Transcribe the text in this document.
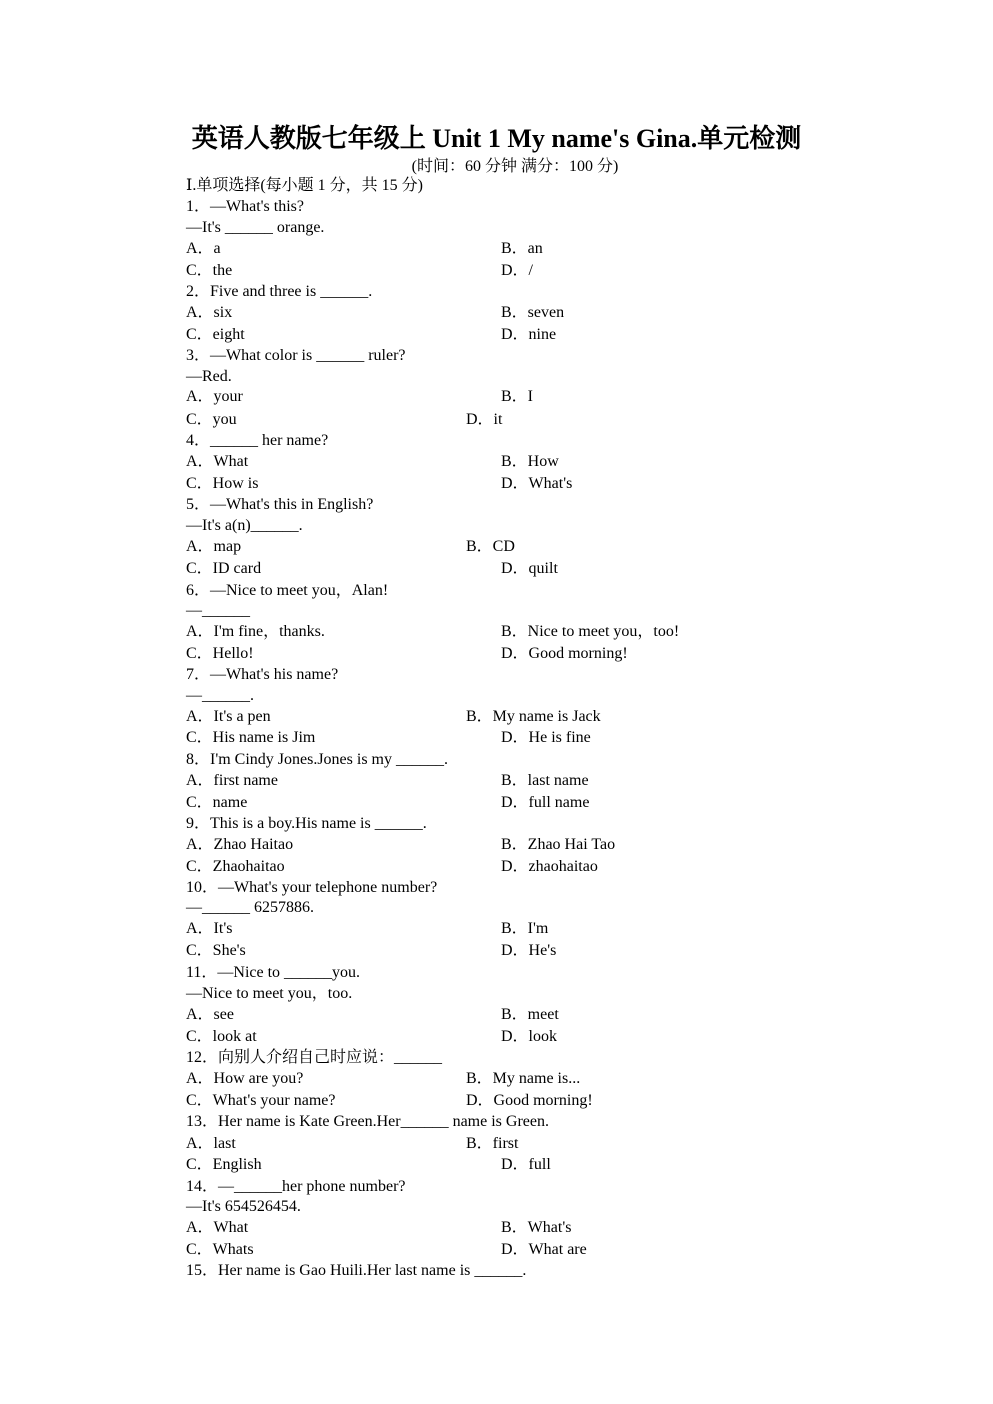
英语人教版七年级上 Unit 1 My name's Gina.单元检测
(时间：60 分钟 满分：100 分)
Ⅰ.单项选择(每小题 1 分，共 15 分)
1．—What's this?
—It's ______ orange.
A．a	B．an
C．the	D．/
2．Five and three is ______.
A．six	B．seven
C．eight	D．nine
3．—What color is ______ ruler?
—Red.
A．your	B．I
C．you	D．it
4．______ her name?
A．What	B．How
C．How is	D．What's
5．—What's this in English?
—It's a(n)______.
A．map	B．CD
C．ID card	D．quilt
6．—Nice to meet you，Alan!
—______
A．I'm fine，thanks.	B．Nice to meet you，too!
C．Hello!	D．Good morning!
7．—What's his name?
—______.
A．It's a pen	B．My name is Jack
C．His name is Jim	D．He is fine
8．I'm Cindy Jones.Jones is my ______.
A．first name	B．last name
C．name	D．full name
9．This is a boy.His name is ______.
A．Zhao Haitao	B．Zhao Hai Tao
C．Zhaohaitao	D．zhaohaitao
10．—What's your telephone number?
—______ 6257886.
A．It's	B．I'm
C．She's	D．He's
11．—Nice to ______you.
—Nice to meet you，too.
A．see	B．meet
C．look at	D．look
12．向别人介绍自己时应说：______
A．How are you?	B．My name is...
C．What's your name?	D．Good morning!
13．Her name is Kate Green.Her______ name is Green.
A．last	B．first
C．English	D．full
14．—______her phone number?
—It's 654526454.
A．What	B．What's
C．Whats	D．What are
15．Her name is Gao Huili.Her last name is ______.
